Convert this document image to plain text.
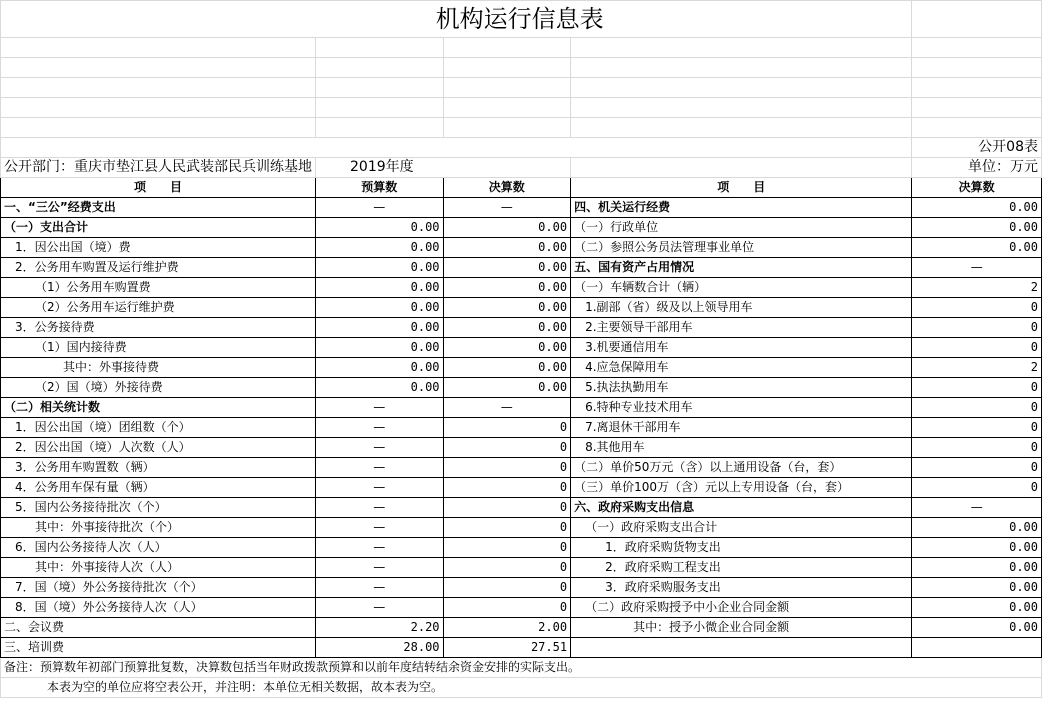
机构运行信息表				

				公开08表
公开部门：重庆市垫江县人民武装部民兵训练基地	2019年度			单位：万元
项　　目	预算数	决算数	项　　目	决算数
一、“三公”经费支出	—	—	四、机关运行经费	0.00
（一）支出合计	0.00	0.00	（一）行政单位	0.00
1．因公出国（境）费	0.00	0.00	（二）参照公务员法管理事业单位	0.00
2．公务用车购置及运行维护费	0.00	0.00	五、国有资产占用情况	—
（1）公务用车购置费	0.00	0.00	（一）车辆数合计（辆）	2
（2）公务用车运行维护费	0.00	0.00	1.副部（省）级及以上领导用车	0
3．公务接待费	0.00	0.00	2.主要领导干部用车	0
（1）国内接待费	0.00	0.00	3.机要通信用车	0
其中：外事接待费	0.00	0.00	4.应急保障用车	2
（2）国（境）外接待费	0.00	0.00	5.执法执勤用车	0
（二）相关统计数	—	—	6.特种专业技术用车	0
1．因公出国（境）团组数（个）	—	0	7.离退休干部用车	0
2．因公出国（境）人次数（人）	—	0	8.其他用车	0
3．公务用车购置数（辆）	—	0	（二）单价50万元（含）以上通用设备（台，套）	0
4．公务用车保有量（辆）	—	0	（三）单价100万（含）元以上专用设备（台，套）	0
5．国内公务接待批次（个）	—	0	六、政府采购支出信息	—
其中：外事接待批次（个）	—	0	（一）政府采购支出合计	0.00
6．国内公务接待人次（人）	—	0	1．政府采购货物支出	0.00
其中：外事接待人次（人）	—	0	2．政府采购工程支出	0.00
7．国（境）外公务接待批次（个）	—	0	3．政府采购服务支出	0.00
8．国（境）外公务接待人次（人）	—	0	（二）政府采购授予中小企业合同金额	0.00
二、会议费	2.20	2.00	其中：授予小微企业合同金额	0.00
三、培训费	28.00	27.51		
备注：预算数年初部门预算批复数，决算数包括当年财政拨款预算和以前年度结转结余资金安排的实际支出。				
本表为空的单位应将空表公开，并注明：本单位无相关数据，故本表为空。				
